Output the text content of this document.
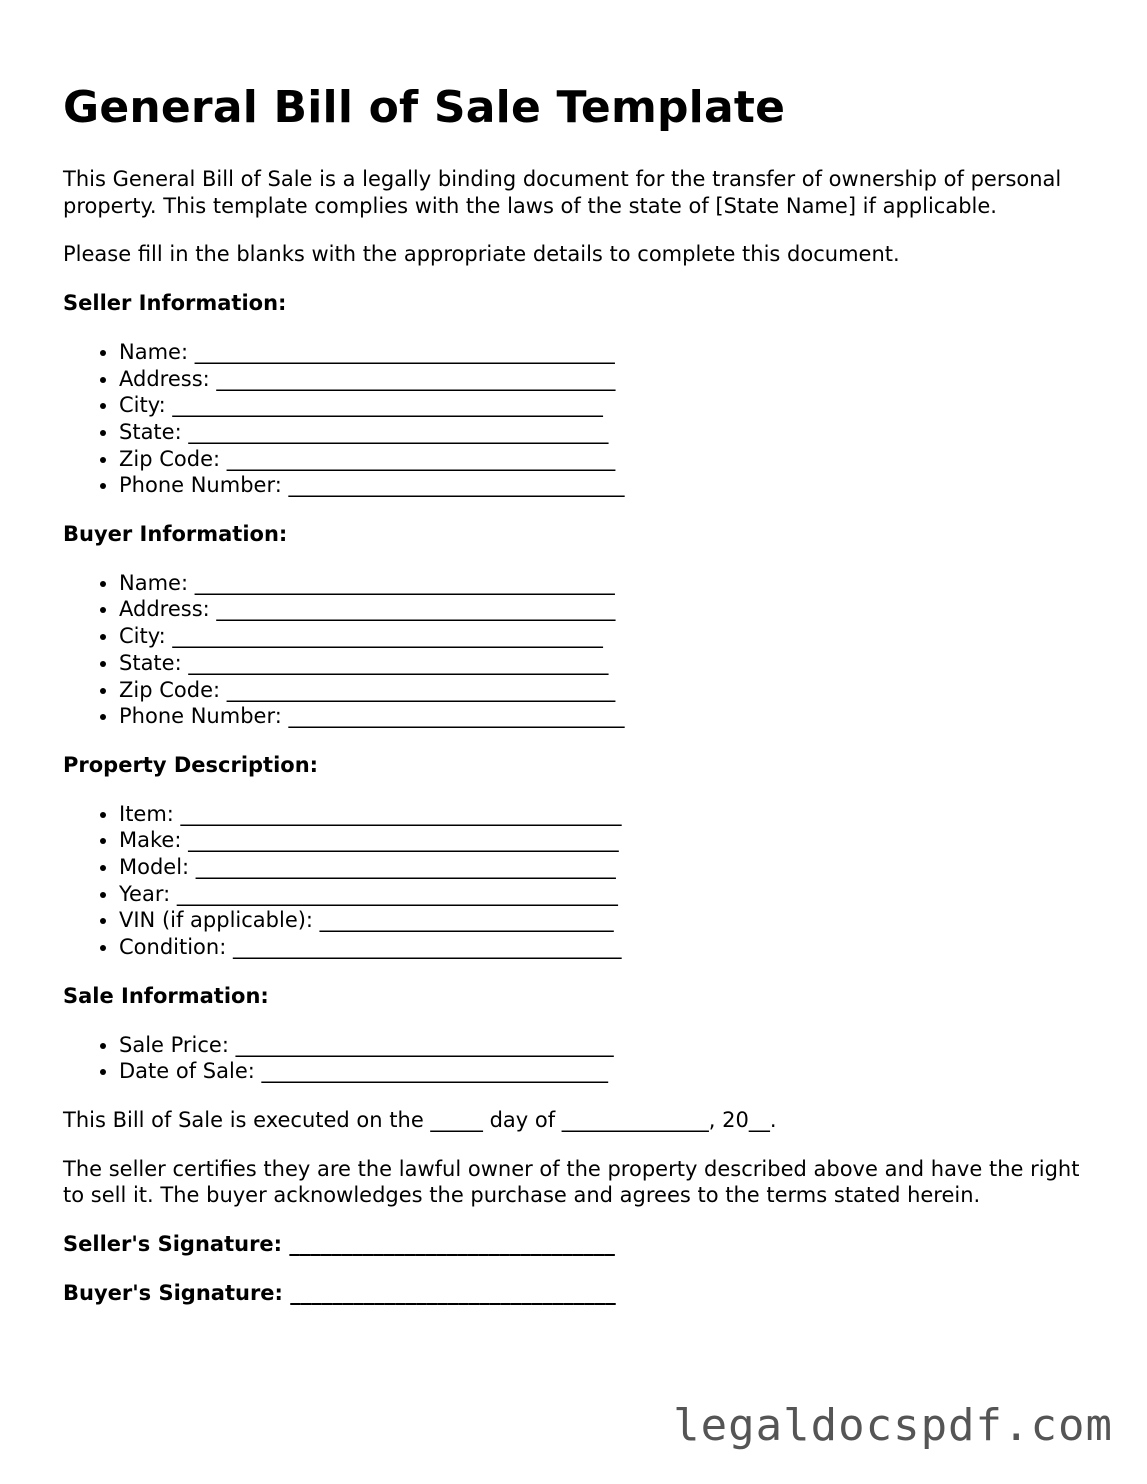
General Bill of Sale Template

This General Bill of Sale is a legally binding document for the transfer of ownership of personal property. This template complies with the laws of the state of [State Name] if applicable.

Please fill in the blanks with the appropriate details to complete this document.

Seller Information:

• Name: ________________________________________
• Address: ______________________________________
• City: _________________________________________
• State: ________________________________________
• Zip Code: _____________________________________
• Phone Number: ________________________________

Buyer Information:

• Name: ________________________________________
• Address: ______________________________________
• City: _________________________________________
• State: ________________________________________
• Zip Code: _____________________________________
• Phone Number: ________________________________

Property Description:

• Item: __________________________________________
• Make: _________________________________________
• Model: ________________________________________
• Year: __________________________________________
• VIN (if applicable): ____________________________
• Condition: _____________________________________

Sale Information:

• Sale Price: ____________________________________
• Date of Sale: _________________________________

This Bill of Sale is executed on the _____ day of ______________, 20__.

The seller certifies they are the lawful owner of the property described above and have the right to sell it. The buyer acknowledges the purchase and agrees to the terms stated herein.

Seller's Signature: _______________________________

Buyer's Signature: _______________________________

legaldocspdf.com
